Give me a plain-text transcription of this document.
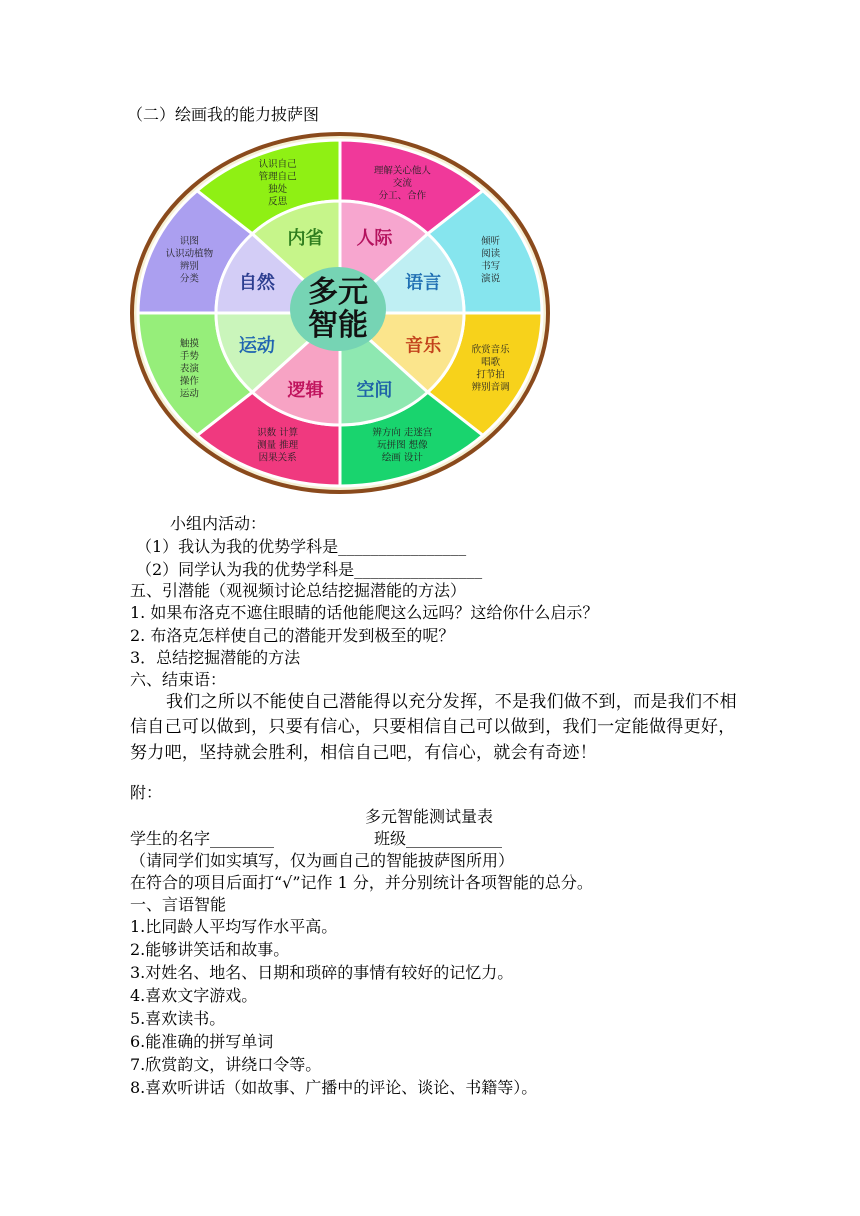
（二）绘画我的能力披萨图
理解关心他人
交流
分工、合作
倾听
阅读
书写
演说
欣赏音乐
唱歌
打节拍
辨别音调
辨方向 走迷宫
玩拼图 想像
绘画 设计
识数 计算
测量 推理
因果关系
触摸
手势
表演
操作
运动
识图
认识动植物
辨别
分类
认识自己
管理自己
独处
反思
人际
语言
音乐
空间
逻辑
运动
自然
内省
多元
智能
小组内活动：
（1）我认为我的优势学科是________________
（2）同学认为我的优势学科是________________
五、引潜能（观视频讨论总结挖掘潜能的方法）
1. 如果布洛克不遮住眼睛的话他能爬这么远吗？这给你什么启示？
2. 布洛克怎样使自己的潜能开发到极至的呢？
3．总结挖掘潜能的方法
六、结束语：
我们之所以不能使自己潜能得以充分发挥，不是我们做不到，而是我们不相
信自己可以做到，只要有信心，只要相信自己可以做到，我们一定能做得更好，
努力吧，坚持就会胜利，相信自己吧，有信心，就会有奇迹！
附：
多元智能测试量表
学生的名字________	班级____________
（请同学们如实填写，仅为画自己的智能披萨图所用）
在符合的项目后面打“√”记作 1 分，并分别统计各项智能的总分。
一、言语智能
1.比同龄人平均写作水平高。
2.能够讲笑话和故事。
3.对姓名、地名、日期和琐碎的事情有较好的记忆力。
4.喜欢文字游戏。
5.喜欢读书。
6.能准确的拼写单词
7.欣赏韵文，讲绕口令等。
8.喜欢听讲话（如故事、广播中的评论、谈论、书籍等）。
